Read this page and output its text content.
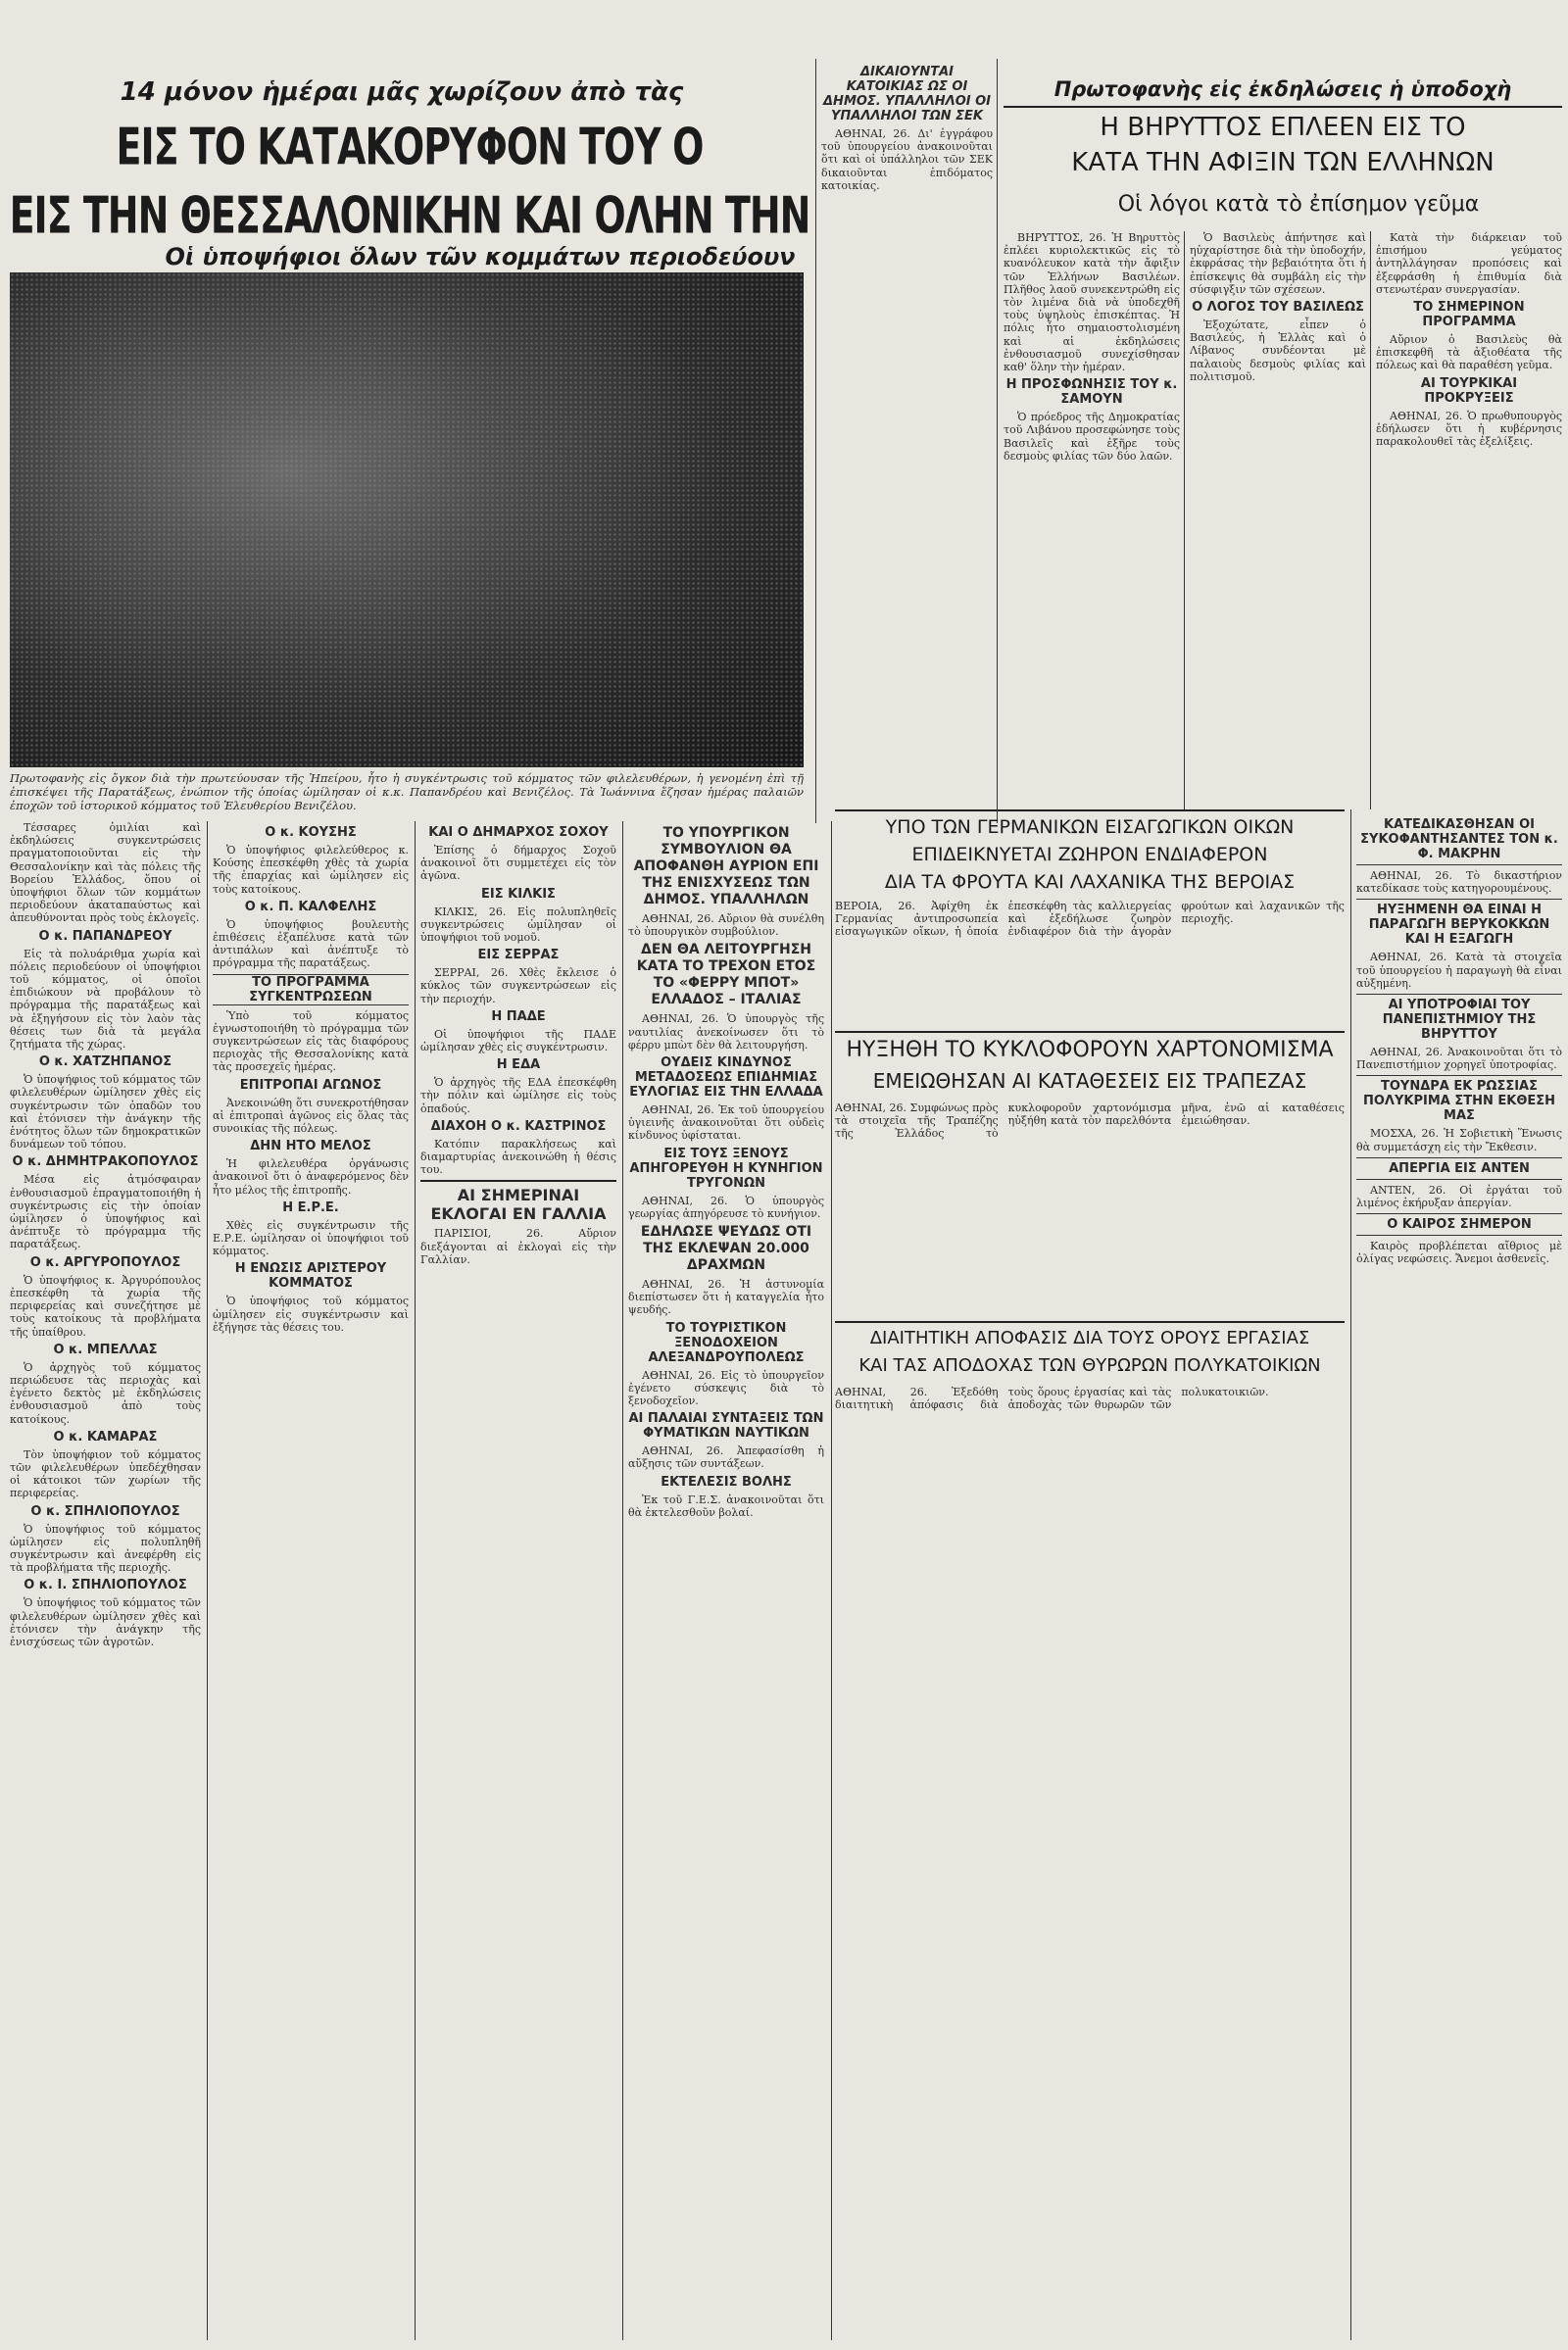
14 μόνον ἡμέραι μᾶς χωρίζουν ἀπὸ τὰς
ΕΙΣ ΤΟ ΚΑΤΑΚΟΡΥΦΟΝ ΤΟΥ Ο
ΕΙΣ ΤΗΝ ΘΕΣΣΑΛΟΝΙΚΗΝ ΚΑΙ ΟΛΗΝ ΤΗΝ
Οἱ ὑποψήφιοι ὅλων τῶν κομμάτων περιοδεύουν
Πρωτοφανὴς εἰς ὄγκον διὰ τὴν πρωτεύουσαν τῆς Ἠπείρου, ἦτο ἡ συγκέντρωσις τοῦ κόμματος τῶν φιλελευθέρων, ἡ γενομένη ἐπὶ τῇ ἐπισκέψει τῆς Παρατάξεως, ἐνώπιον τῆς ὁποίας ὡμίλησαν οἱ κ.κ. Παπανδρέου καὶ Βενιζέλος. Τὰ Ἰωάννινα ἔζησαν ἡμέρας παλαιῶν ἐποχῶν τοῦ ἱστορικοῦ κόμματος τοῦ Ἐλευθερίου Βενιζέλου.

Τέσσαρες ὁμιλίαι καὶ ἐκδηλώσεις συγκεντρώσεις πραγματοποιοῦνται εἰς τὴν Θεσσαλονίκην καὶ τὰς πόλεις τῆς Βορείου Ἑλλάδος, ὅπου οἱ ὑποψήφιοι ὅλων τῶν κομμάτων περιοδεύουν ἀκαταπαύστως καὶ ἀπευθύνονται πρὸς τοὺς ἐκλογεῖς.

Ο κ. ΠΑΠΑΝΔΡΕΟΥ

Εἰς τὰ πολυάριθμα χωρία καὶ πόλεις περιοδεύουν οἱ ὑποψήφιοι τοῦ κόμματος, οἱ ὁποῖοι ἐπιδιώκουν νὰ προβάλουν τὸ πρόγραμμα τῆς παρατάξεως καὶ νὰ ἐξηγήσουν εἰς τὸν λαὸν τὰς θέσεις των διὰ τὰ μεγάλα ζητήματα τῆς χώρας.

Ο κ. ΧΑΤΖΗΠΑΝΟΣ

Ὁ ὑποψήφιος τοῦ κόμματος τῶν φιλελευθέρων ὡμίλησεν χθὲς εἰς συγκέντρωσιν τῶν ὀπαδῶν του καὶ ἐτόνισεν τὴν ἀνάγκην τῆς ἑνότητος ὅλων τῶν δημοκρατικῶν δυνάμεων τοῦ τόπου.

Ο κ. ΔΗΜΗΤΡΑΚΟΠΟΥΛΟΣ

Μέσα εἰς ἀτμόσφαιραν ἐνθουσιασμοῦ ἐπραγματοποιήθη ἡ συγκέντρωσις εἰς τὴν ὁποίαν ὡμίλησεν ὁ ὑποψήφιος καὶ ἀνέπτυξε τὸ πρόγραμμα τῆς παρατάξεως.

Ο κ. ΑΡΓΥΡΟΠΟΥΛΟΣ

Ὁ ὑποψήφιος κ. Ἀργυρόπουλος ἐπεσκέφθη τὰ χωρία τῆς περιφερείας καὶ συνεζήτησε μὲ τοὺς κατοίκους τὰ προβλήματα τῆς ὑπαίθρου.

Ο κ. ΜΠΕΛΛΑΣ

Ὁ ἀρχηγὸς τοῦ κόμματος περιώδευσε τὰς περιοχὰς καὶ ἐγένετο δεκτὸς μὲ ἐκδηλώσεις ἐνθουσιασμοῦ ἀπὸ τοὺς κατοίκους.

Ο κ. ΚΑΜΑΡΑΣ

Τὸν ὑποψήφιον τοῦ κόμματος τῶν φιλελευθέρων ὑπεδέχθησαν οἱ κάτοικοι τῶν χωρίων τῆς περιφερείας.

Ο κ. ΣΠΗΛΙΟΠΟΥΛΟΣ

Ὁ ὑποψήφιος τοῦ κόμματος ὡμίλησεν εἰς πολυπληθῆ συγκέντρωσιν καὶ ἀνεφέρθη εἰς τὰ προβλήματα τῆς περιοχῆς.

Ο κ. Ι. ΣΠΗΛΙΟΠΟΥΛΟΣ

Ὁ ὑποψήφιος τοῦ κόμματος τῶν φιλελευθέρων ὡμίλησεν χθὲς καὶ ἐτόνισεν τὴν ἀνάγκην τῆς ἐνισχύσεως τῶν ἀγροτῶν.

Ο κ. ΚΟΥΣΗΣ

Ὁ ὑποψήφιος φιλελεύθερος κ. Κούσης ἐπεσκέφθη χθὲς τὰ χωρία τῆς ἐπαρχίας καὶ ὡμίλησεν εἰς τοὺς κατοίκους.

Ο κ. Π. ΚΑΛΦΕΛΗΣ

Ὁ ὑποψήφιος βουλευτὴς ἐπιθέσεις ἐξαπέλυσε κατὰ τῶν ἀντιπάλων καὶ ἀνέπτυξε τὸ πρόγραμμα τῆς παρατάξεως.

ΤΟ ΠΡΟΓΡΑΜΜΑ ΣΥΓΚΕΝΤΡΩΣΕΩΝ

Ὑπὸ τοῦ κόμματος ἐγνωστοποιήθη τὸ πρόγραμμα τῶν συγκεντρώσεων εἰς τὰς διαφόρους περιοχὰς τῆς Θεσσαλονίκης κατὰ τὰς προσεχεῖς ἡμέρας.

ΕΠΙΤΡΟΠΑΙ ΑΓΩΝΟΣ

Ἀνεκοινώθη ὅτι συνεκροτήθησαν αἱ ἐπιτροπαὶ ἀγῶνος εἰς ὅλας τὰς συνοικίας τῆς πόλεως.

ΔΗΝ ΗΤΟ ΜΕΛΟΣ

Ἡ φιλελευθέρα ὀργάνωσις ἀνακοινοῖ ὅτι ὁ ἀναφερόμενος δὲν ἦτο μέλος τῆς ἐπιτροπῆς.

Η Ε.Ρ.Ε.

Χθὲς εἰς συγκέντρωσιν τῆς Ε.Ρ.Ε. ὡμίλησαν οἱ ὑποψήφιοι τοῦ κόμματος.

Η ΕΝΩΣΙΣ ΑΡΙΣΤΕΡΟΥ ΚΟΜΜΑΤΟΣ

Ὁ ὑποψήφιος τοῦ κόμματος ὡμίλησεν εἰς συγκέντρωσιν καὶ ἐξήγησε τὰς θέσεις του.

ΚΑΙ Ο ΔΗΜΑΡΧΟΣ ΣΟΧΟΥ

Ἐπίσης ὁ δήμαρχος Σοχοῦ ἀνακοινοῖ ὅτι συμμετέχει εἰς τὸν ἀγῶνα.

ΕΙΣ ΚΙΛΚΙΣ

ΚΙΛΚΙΣ, 26. Εἰς πολυπληθεῖς συγκεντρώσεις ὡμίλησαν οἱ ὑποψήφιοι τοῦ νομοῦ.

ΕΙΣ ΣΕΡΡΑΣ

ΣΕΡΡΑΙ, 26. Χθὲς ἔκλεισε ὁ κύκλος τῶν συγκεντρώσεων εἰς τὴν περιοχήν.

Η ΠΑΔΕ

Οἱ ὑποψήφιοι τῆς ΠΑΔΕ ὡμίλησαν χθὲς εἰς συγκέντρωσιν.

Η ΕΔΑ

Ὁ ἀρχηγὸς τῆς ΕΔΑ ἐπεσκέφθη τὴν πόλιν καὶ ὡμίλησε εἰς τοὺς ὀπαδούς.

ΔΙΑΧΟΗ Ο κ. ΚΑΣΤΡΙΝΟΣ

Κατόπιν παρακλήσεως καὶ διαμαρτυρίας ἀνεκοινώθη ἡ θέσις του.

ΑΙ ΣΗΜΕΡΙΝΑΙ ΕΚΛΟΓΑΙ ΕΝ ΓΑΛΛΙΑ

ΠΑΡΙΣΙΟΙ, 26. Αὔριον διεξάγονται αἱ ἐκλογαὶ εἰς τὴν Γαλλίαν.

ΔΙΚΑΙΟΥΝΤΑΙ ΚΑΤΟΙΚΙΑΣ ΩΣ ΟΙ ΔΗΜΟΣ. ΥΠΑΛΛΗΛΟΙ ΟΙ ΥΠΑΛΛΗΛΟΙ ΤΩΝ ΣΕΚ

ΑΘΗΝΑΙ, 26. Δι' ἐγγράφου τοῦ ὑπουργείου ἀνακοινοῦται ὅτι καὶ οἱ ὑπάλληλοι τῶν ΣΕΚ δικαιοῦνται ἐπιδόματος κατοικίας.

ΤΟ ΥΠΟΥΡΓΙΚΟΝ ΣΥΜΒΟΥΛΙΟΝ ΘΑ ΑΠΟΦΑΝΘΗ ΑΥΡΙΟΝ ΕΠΙ ΤΗΣ ΕΝΙΣΧΥΣΕΩΣ ΤΩΝ ΔΗΜΟΣ. ΥΠΑΛΛΗΛΩΝ

ΑΘΗΝΑΙ, 26. Αὔριον θὰ συνέλθη τὸ ὑπουργικὸν συμβούλιον.

ΔΕΝ ΘΑ ΛΕΙΤΟΥΡΓΗΣΗ ΚΑΤΑ ΤΟ ΤΡΕΧΟΝ ΕΤΟΣ ΤΟ «ΦΕΡΡΥ ΜΠΟΤ» ΕΛΛΑΔΟΣ – ΙΤΑΛΙΑΣ

ΑΘΗΝΑΙ, 26. Ὁ ὑπουργὸς τῆς ναυτιλίας ἀνεκοίνωσεν ὅτι τὸ φέρρυ μπὼτ δὲν θὰ λειτουργήση.

ΟΥΔΕΙΣ ΚΙΝΔΥΝΟΣ ΜΕΤΑΔΟΣΕΩΣ ΕΠΙΔΗΜΙΑΣ ΕΥΛΟΓΙΑΣ ΕΙΣ ΤΗΝ ΕΛΛΑΔΑ

ΑΘΗΝΑΙ, 26. Ἐκ τοῦ ὑπουργείου ὑγιεινῆς ἀνακοινοῦται ὅτι οὐδεὶς κίνδυνος ὑφίσταται.

ΕΙΣ ΤΟΥΣ ΞΕΝΟΥΣ ΑΠΗΓΟΡΕΥΘΗ Η ΚΥΝΗΓΙΟΝ ΤΡΥΓΟΝΩΝ

ΑΘΗΝΑΙ, 26. Ὁ ὑπουργὸς γεωργίας ἀπηγόρευσε τὸ κυνήγιον.

ΕΔΗΛΩΣΕ ΨΕΥΔΩΣ ΟΤΙ ΤΗΣ ΕΚΛΕΨΑΝ 20.000 ΔΡΑΧΜΩΝ

ΑΘΗΝΑΙ, 26. Ἡ ἀστυνομία διεπίστωσεν ὅτι ἡ καταγγελία ἦτο ψευδής.

ΤΟ ΤΟΥΡΙΣΤΙΚΟΝ ΞΕΝΟΔΟΧΕΙΟΝ ΑΛΕΞΑΝΔΡΟΥΠΟΛΕΩΣ

ΑΘΗΝΑΙ, 26. Εἰς τὸ ὑπουργεῖον ἐγένετο σύσκεψις διὰ τὸ ξενοδοχεῖον.

ΑΙ ΠΑΛΑΙΑΙ ΣΥΝΤΑΞΕΙΣ ΤΩΝ ΦΥΜΑΤΙΚΩΝ ΝΑΥΤΙΚΩΝ

ΑΘΗΝΑΙ, 26. Ἀπεφασίσθη ἡ αὔξησις τῶν συντάξεων.

ΕΚΤΕΛΕΣΙΣ ΒΟΛΗΣ

Ἐκ τοῦ Γ.Ε.Σ. ἀνακοινοῦται ὅτι θὰ ἐκτελεσθοῦν βολαί.

Πρωτοφανὴς εἰς ἐκδηλώσεις ἡ ὑποδοχὴ
Η ΒΗΡΥΤΤΟΣ ΕΠΛΕΕΝ ΕΙΣ ΤΟ
ΚΑΤΑ ΤΗΝ ΑΦΙΞΙΝ ΤΩΝ ΕΛΛΗΝΩΝ
Οἱ λόγοι κατὰ τὸ ἐπίσημον γεῦμα

ΒΗΡΥΤΤΟΣ, 26. Ἡ Βηρυττὸς ἐπλέει κυριολεκτικῶς εἰς τὸ κυανόλευκον κατὰ τὴν ἄφιξιν τῶν Ἑλλήνων Βασιλέων. Πλῆθος λαοῦ συνεκεντρώθη εἰς τὸν λιμένα διὰ νὰ ὑποδεχθῆ τοὺς ὑψηλοὺς ἐπισκέπτας. Ἡ πόλις ἦτο σημαιοστολισμένη καὶ αἱ ἐκδηλώσεις ἐνθουσιασμοῦ συνεχίσθησαν καθ' ὅλην τὴν ἡμέραν.

Η ΠΡΟΣΦΩΝΗΣΙΣ ΤΟΥ κ. ΣΑΜΟΥΝ

Ὁ πρόεδρος τῆς Δημοκρατίας τοῦ Λιβάνου προσεφώνησε τοὺς Βασιλεῖς καὶ ἐξῆρε τοὺς δεσμοὺς φιλίας τῶν δύο λαῶν.

Ὁ Βασιλεὺς ἀπήντησε καὶ ηὐχαρίστησε διὰ τὴν ὑποδοχήν, ἐκφράσας τὴν βεβαιότητα ὅτι ἡ ἐπίσκεψις θὰ συμβάλη εἰς τὴν σύσφιγξιν τῶν σχέσεων.

Ο ΛΟΓΟΣ ΤΟΥ ΒΑΣΙΛΕΩΣ

Ἐξοχώτατε, εἶπεν ὁ Βασιλεύς, ἡ Ἑλλὰς καὶ ὁ Λίβανος συνδέονται μὲ παλαιοὺς δεσμοὺς φιλίας καὶ πολιτισμοῦ.

Κατὰ τὴν διάρκειαν τοῦ ἐπισήμου γεύματος ἀντηλλάγησαν προπόσεις καὶ ἐξεφράσθη ἡ ἐπιθυμία διὰ στενωτέραν συνεργασίαν.

ΤΟ ΣΗΜΕΡΙΝΟΝ ΠΡΟΓΡΑΜΜΑ

Αὔριον ὁ Βασιλεὺς θὰ ἐπισκεφθῆ τὰ ἀξιοθέατα τῆς πόλεως καὶ θὰ παραθέση γεῦμα.

ΑΙ ΤΟΥΡΚΙΚΑΙ ΠΡΟΚΡΥΞΕΙΣ

ΑΘΗΝΑΙ, 26. Ὁ πρωθυπουργὸς ἐδήλωσεν ὅτι ἡ κυβέρνησις παρακολουθεῖ τὰς ἐξελίξεις.

ΥΠΟ ΤΩΝ ΓΕΡΜΑΝΙΚΩΝ ΕΙΣΑΓΩΓΙΚΩΝ ΟΙΚΩΝ
ΕΠΙΔΕΙΚΝΥΕΤΑΙ ΖΩΗΡΟΝ ΕΝΔΙΑΦΕΡΟΝ
ΔΙΑ ΤΑ ΦΡΟΥΤΑ ΚΑΙ ΛΑΧΑΝΙΚΑ ΤΗΣ ΒΕΡΟΙΑΣ
ΒΕΡΟΙΑ, 26. Ἀφίχθη ἐκ Γερμανίας ἀντιπροσωπεία εἰσαγωγικῶν οἴκων, ἡ ὁποία ἐπεσκέφθη τὰς καλλιεργείας καὶ ἐξεδήλωσε ζωηρὸν ἐνδιαφέρον διὰ τὴν ἀγορὰν φρούτων καὶ λαχανικῶν τῆς περιοχῆς.
ΗΥΞΗΘΗ ΤΟ ΚΥΚΛΟΦΟΡΟΥΝ ΧΑΡΤΟΝΟΜΙΣΜΑ
ΕΜΕΙΩΘΗΣΑΝ ΑΙ ΚΑΤΑΘΕΣΕΙΣ ΕΙΣ ΤΡΑΠΕΖΑΣ
ΑΘΗΝΑΙ, 26. Συμφώνως πρὸς τὰ στοιχεῖα τῆς Τραπέζης τῆς Ἑλλάδος τὸ κυκλοφοροῦν χαρτονόμισμα ηὐξήθη κατὰ τὸν παρελθόντα μῆνα, ἐνῶ αἱ καταθέσεις ἐμειώθησαν.
ΔΙΑΙΤΗΤΙΚΗ ΑΠΟΦΑΣΙΣ ΔΙΑ ΤΟΥΣ ΟΡΟΥΣ ΕΡΓΑΣΙΑΣ
ΚΑΙ ΤΑΣ ΑΠΟΔΟΧΑΣ ΤΩΝ ΘΥΡΩΡΩΝ ΠΟΛΥΚΑΤΟΙΚΙΩΝ
ΑΘΗΝΑΙ, 26. Ἐξεδόθη διαιτητικὴ ἀπόφασις διὰ τοὺς ὅρους ἐργασίας καὶ τὰς ἀποδοχὰς τῶν θυρωρῶν τῶν πολυκατοικιῶν.
ΚΑΤΕΔΙΚΑΣΘΗΣΑΝ ΟΙ ΣΥΚΟΦΑΝΤΗΣΑΝΤΕΣ ΤΟΝ κ. Φ. ΜΑΚΡΗΝ

ΑΘΗΝΑΙ, 26. Τὸ δικαστήριον κατεδίκασε τοὺς κατηγορουμένους.

ΗΥΞΗΜΕΝΗ ΘΑ ΕΙΝΑΙ Η ΠΑΡΑΓΩΓΗ ΒΕΡΥΚΟΚΚΩΝ ΚΑΙ Η ΕΞΑΓΩΓΗ

ΑΘΗΝΑΙ, 26. Κατὰ τὰ στοιχεῖα τοῦ ὑπουργείου ἡ παραγωγὴ θὰ εἶναι αὐξημένη.

ΑΙ ΥΠΟΤΡΟΦΙΑΙ ΤΟΥ ΠΑΝΕΠΙΣΤΗΜΙΟΥ ΤΗΣ ΒΗΡΥΤΤΟΥ

ΑΘΗΝΑΙ, 26. Ἀνακοινοῦται ὅτι τὸ Πανεπιστήμιον χορηγεῖ ὑποτροφίας.

ΤΟΥΝΔΡΑ ΕΚ ΡΩΣΣΙΑΣ ΠΟΛΥΚΡΙΜΑ ΣΤΗΝ ΕΚΘΕΣΗ ΜΑΣ

ΜΟΣΧΑ, 26. Ἡ Σοβιετικὴ Ἕνωσις θὰ συμμετάσχη εἰς τὴν Ἔκθεσιν.

ΑΠΕΡΓΙΑ ΕΙΣ ΑΝΤΕΝ

ΑΝΤΕΝ, 26. Οἱ ἐργάται τοῦ λιμένος ἐκήρυξαν ἀπεργίαν.

Ο ΚΑΙΡΟΣ ΣΗΜΕΡΟΝ

Καιρὸς προβλέπεται αἴθριος μὲ ὀλίγας νεφώσεις. Ἄνεμοι ἀσθενεῖς.
